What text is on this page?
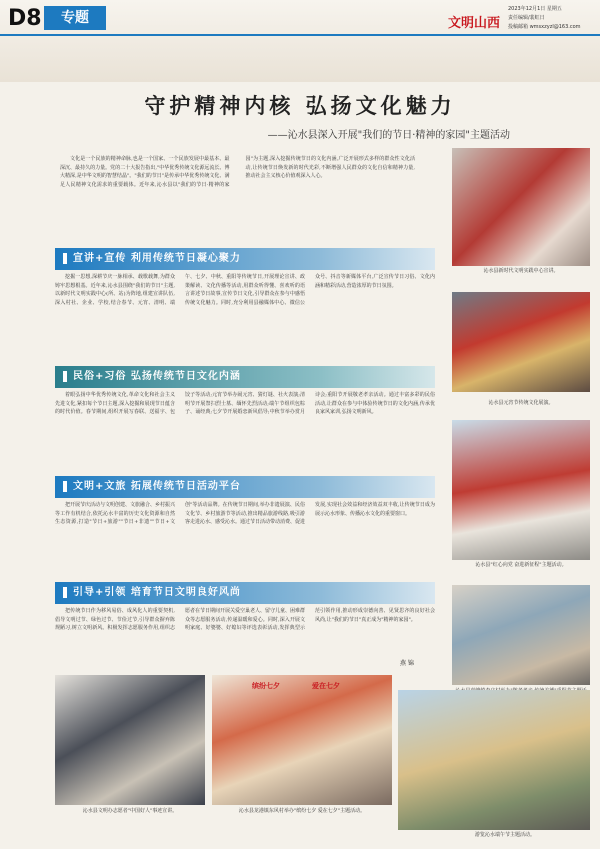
D8	专题	文明山西
2023年12月1日 星期五
责任编辑/裴虹日
投稿邮箱 wmsxzyzl@163.com
守护精神内核 弘扬文化魅力
——沁水县深入开展"我们的节日·精神的家园"主题活动

文化是一个民族的精神命脉,也是一个国家、一个民族发展中最基本、最深沉、最持久的力量。党的二十大报告指出,"中华优秀传统文化源远流长、博大精深,是中华文明的智慧结晶"。"我们的节日"是传承中华优秀传统文化、满足人民精神文化需求的重要载体。近年来,沁水县以"我们的节日·精神的家园"为主题,深入挖掘传统节日的文化内涵,广泛开展形式多样的群众性文化活动,让传统节日焕发新的时代光彩,不断增强人民群众的文化自信和精神力量,推动社会主义核心价值观深入人心。

宣讲+宣传 利用传统节日凝心聚力

挖掘一思想,深耕节庆一脉相承、载歌载舞,为群众铸牢思想根基。近年来,沁水县围绕"我们的节日"主题,以新时代文明实践中心(所、站)为阵地,组建宣讲队伍,深入村社、企业、学校,结合春节、元宵、清明、端午、七夕、中秋、重阳等传统节日,开展理论宣讲、政策解读、文化传播等活动,用群众听得懂、喜欢听的语言讲述节日故事,宣传节日文化,引导群众在参与中感悟传统文化魅力。同时,充分利用县融媒体中心、微信公众号、抖音等新媒体平台,广泛宣传节日习俗、文化内涵和精彩活动,营造浓厚的节日氛围。

民俗+习俗 弘扬传统节日文化内涵

着眼弘扬中华优秀传统文化,革命文化和社会主义先进文化,紧扣每个节日主题,深入挖掘和展现节日蕴含的时代价值。春节期间,组织开展写春联、送福字、包饺子等活动;元宵节举办闹元宵、猜灯谜、社火表演;清明节开展祭扫烈士墓、缅怀先烈活动;端午节组织包粽子、诵经典;七夕节开展婚恋新风倡导;中秋节举办赏月诗会;重阳节开展敬老孝亲活动。通过丰富多彩的民俗活动,让群众在参与中体验传统节日的文化内涵,传承优良家风家训,弘扬文明新风。

文明+文旅 拓展传统节日活动平台

把开展节庆活动与文明创建、文旅融合、乡村振兴等工作有机结合,依托沁水丰富的历史文化资源和自然生态资源,打造"节日+旅游""节日+非遗""节日+文创"等活动品牌。在传统节日期间,举办非遗展演、民俗文化节、乡村旅游节等活动,推出精品旅游线路,吸引游客走进沁水、感受沁水。通过节日活动带动消费、促进发展,实现社会效益和经济效益双丰收,让传统节日成为展示沁水形象、传播沁水文化的重要窗口。

引导+引领 培育节日文明良好风尚

把传统节日作为移风易俗、成风化人的重要契机,倡导文明过节、绿色过节、节俭过节,引导群众摒弃陈规陋习,树立文明新风。积极发挥志愿服务作用,组织志愿者在节日期间开展关爱空巢老人、留守儿童、困难群众等志愿服务活动,传递温暖和爱心。同时,深入开展文明家庭、好婆婆、好媳妇等评选表彰活动,发挥典型示范引领作用,推动形成崇德向善、见贤思齐的良好社会风尚,让"我们的节日"真正成为"精神的家园"。

燕 锦
沁水县新时代文明实践中心宣讲。
沁水县元宵节传统文化展演。
沁水县"红心向党 奋进新征程"主题活动。
沁水县文明办志愿者"中国好人"事迹宣讲。
缤纷七夕	爱在七夕
沁水县龙港镇东风村举办"缤纷七夕 爱在七夕"主题活动。
游览沁水端午节主题活动。
